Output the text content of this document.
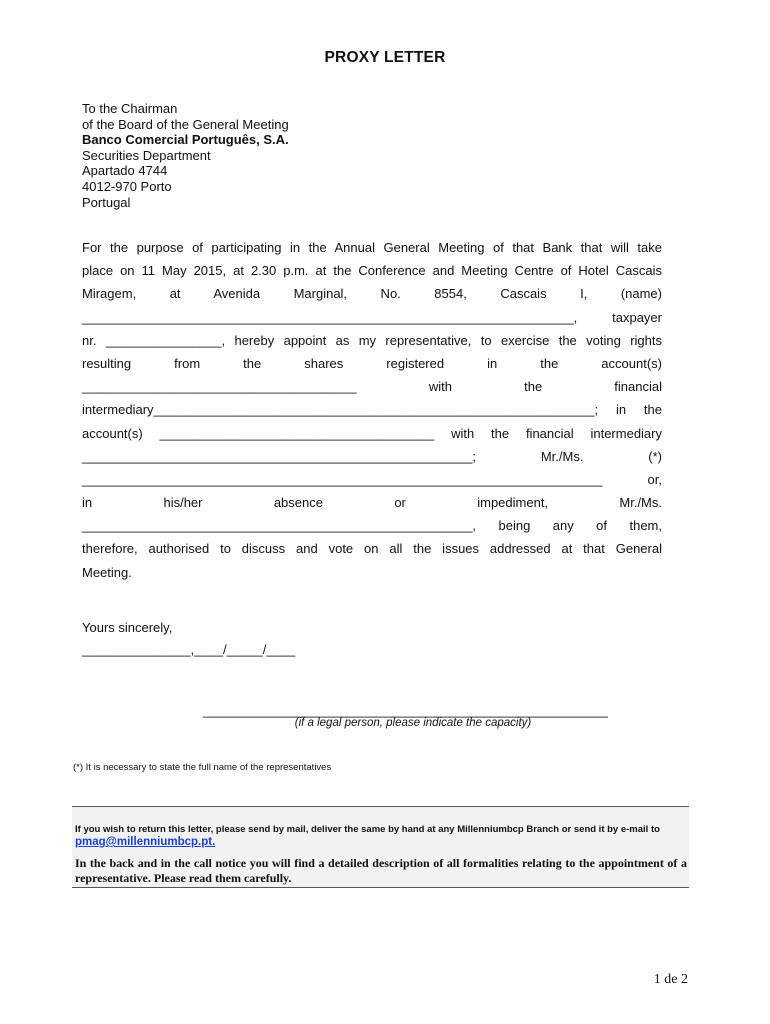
PROXY LETTER
To the Chairman
of the Board of the General Meeting
Banco Comercial Português, S.A.
Securities Department
Apartado 4744
4012-970 Porto
Portugal
For the purpose of participating in the Annual General Meeting of that Bank that will take
place on 11 May 2015, at 2.30 p.m. at the Conference and Meeting Centre of Hotel Cascais
Miragem, at Avenida Marginal, No. 8554, Cascais I, (name)
____________________________________________________________________, taxpayer
nr. ________________, hereby appoint as my representative, to exercise the voting rights
resulting from the shares registered in the account(s)
______________________________________ with the financial
intermediary_____________________________________________________________; in the
account(s) ______________________________________ with the financial intermediary
______________________________________________________; Mr./Ms. (*)
________________________________________________________________________ or,
in his/her absence or impediment, Mr./Ms.
______________________________________________________, being any of them,
therefore, authorised to discuss and vote on all the issues addressed at that General
Meeting.
Yours sincerely,
_______________,____/_____/____
________________________________________________________
(if a legal person, please indicate the capacity)
(*) It is necessary to state the full name of the representatives
If you wish to return this letter, please send by mail, deliver the same by hand at any Millenniumbcp Branch or send it by e-mail to pmag@millenniumbcp.pt.
In the back and in the call notice you will find a detailed description of all formalities relating to the appointment of a representative. Please read them carefully.
1 de 2
